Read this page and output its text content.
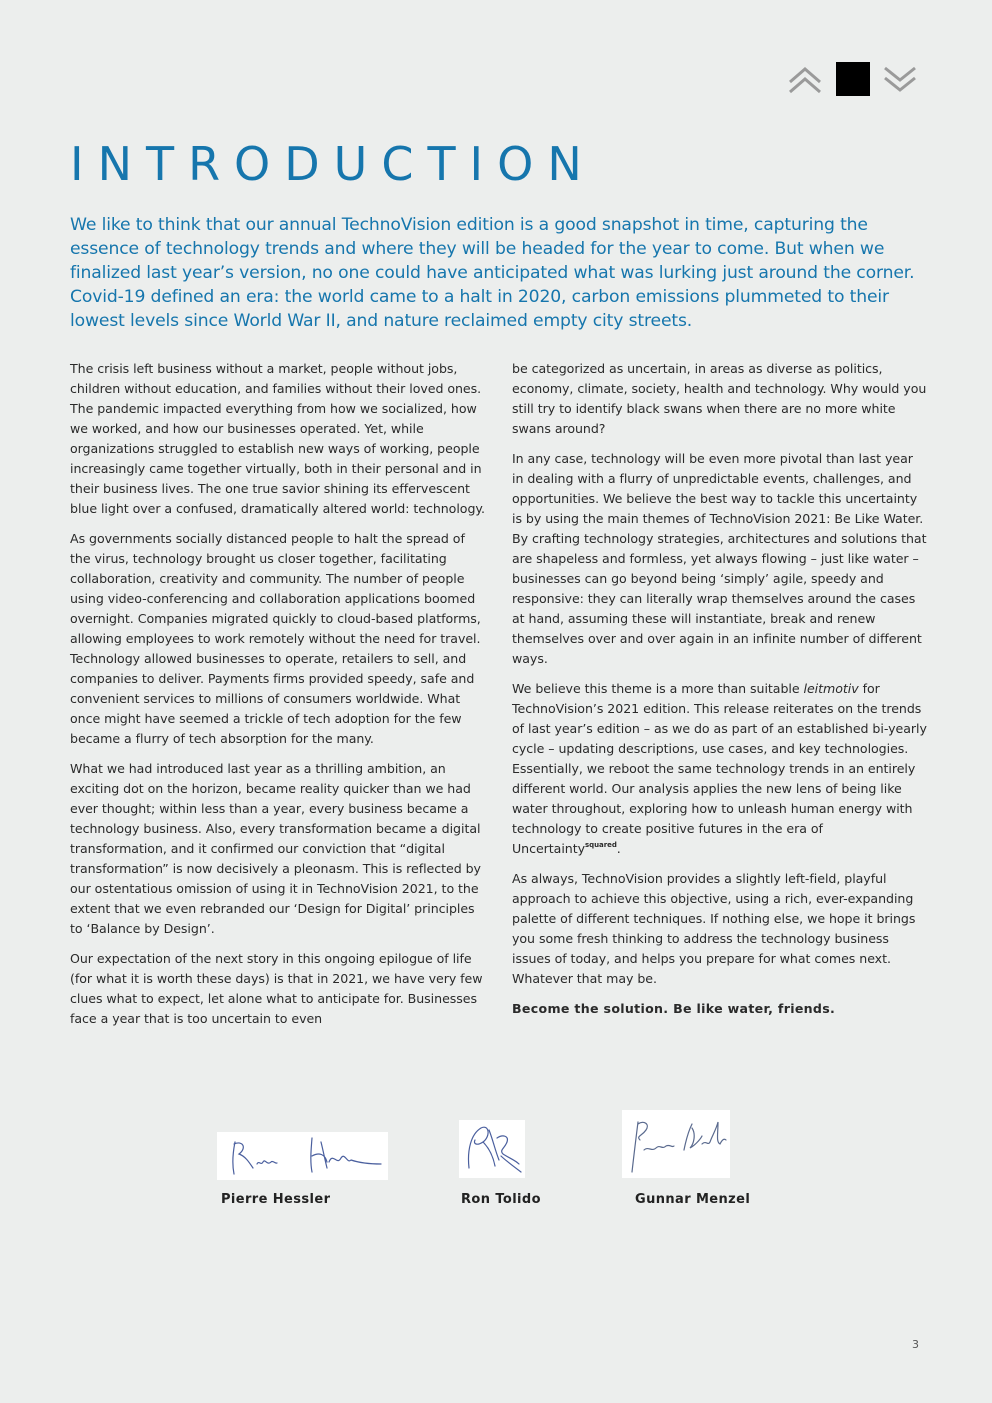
INTRODUCTION

We like to think that our annual TechnoVision edition is a good snapshot in time, capturing the essence of technology trends and where they will be headed for the year to come. But when we finalized last year’s version, no one could have anticipated what was lurking just around the corner. Covid-19 defined an era: the world came to a halt in 2020, carbon emissions plummeted to their lowest levels since World War II, and nature reclaimed empty city streets.

The crisis left business without a market, people without jobs, children without education, and families without their loved ones. The pandemic impacted everything from how we socialized, how we worked, and how our businesses operated. Yet, while organizations struggled to establish new ways of working, people increasingly came together virtually, both in their personal and in their business lives. The one true savior shining its effervescent blue light over a confused, dramatically altered world: technology.

As governments socially distanced people to halt the spread of the virus, technology brought us closer together, facilitating collaboration, creativity and community. The number of people using video-conferencing and collaboration applications boomed overnight. Companies migrated quickly to cloud-based platforms, allowing employees to work remotely without the need for travel. Technology allowed businesses to operate, retailers to sell, and companies to deliver. Payments firms provided speedy, safe and convenient services to millions of consumers worldwide. What once might have seemed a trickle of tech adoption for the few became a flurry of tech absorption for the many.

What we had introduced last year as a thrilling ambition, an exciting dot on the horizon, became reality quicker than we had ever thought; within less than a year, every business became a technology business. Also, every transformation became a digital transformation, and it confirmed our conviction that “digital transformation” is now decisively a pleonasm. This is reflected by our ostentatious omission of using it in TechnoVision 2021, to the extent that we even rebranded our ‘Design for Digital’ principles to ‘Balance by Design’.

Our expectation of the next story in this ongoing epilogue of life (for what it is worth these days) is that in 2021, we have very few clues what to expect, let alone what to anticipate for. Businesses face a year that is too uncertain to even

be categorized as uncertain, in areas as diverse as politics, economy, climate, society, health and technology. Why would you still try to identify black swans when there are no more white swans around?

In any case, technology will be even more pivotal than last year in dealing with a flurry of unpredictable events, challenges, and opportunities. We believe the best way to tackle this uncertainty is by using the main themes of TechnoVision 2021: Be Like Water. By crafting technology strategies, architectures and solutions that are shapeless and formless, yet always flowing – just like water – businesses can go beyond being ‘simply’ agile, speedy and responsive: they can literally wrap themselves around the cases at hand, assuming these will instantiate, break and renew themselves over and over again in an infinite number of different ways.

We believe this theme is a more than suitable leitmotiv for TechnoVision’s 2021 edition. This release reiterates on the trends of last year’s edition – as we do as part of an established bi-yearly cycle – updating descriptions, use cases, and key technologies. Essentially, we reboot the same technology trends in an entirely different world. Our analysis applies the new lens of being like water throughout, exploring how to unleash human energy with technology to create positive futures in the era of Uncertainty$^{squared}$.

As always, TechnoVision provides a slightly left-field, playful approach to achieve this objective, using a rich, ever-expanding palette of different techniques. If nothing else, we hope it brings you some fresh thinking to address the technology business issues of today, and helps you prepare for what comes next. Whatever that may be.

Become the solution. Be like water, friends.

Pierre Hessler	Ron Tolido	Gunnar Menzel
3
